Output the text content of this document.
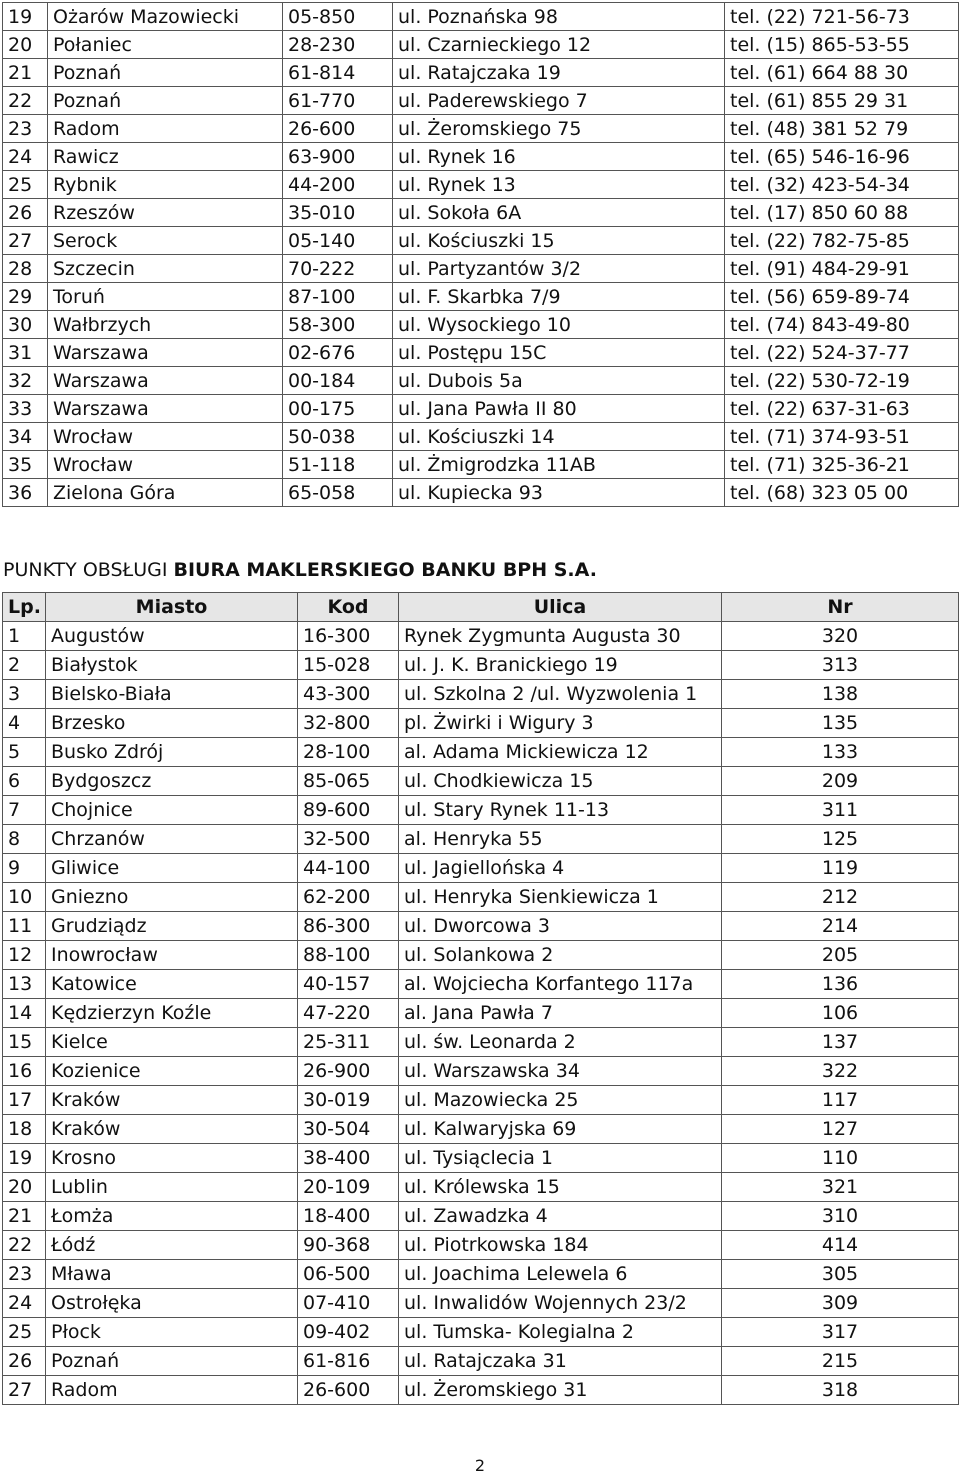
19	Ożarów Mazowiecki	05-850	ul. Poznańska 98	tel. (22) 721-56-73
20	Połaniec	28-230	ul. Czarnieckiego 12	tel. (15) 865-53-55
21	Poznań	61-814	ul. Ratajczaka 19	tel. (61) 664 88 30
22	Poznań	61-770	ul. Paderewskiego 7	tel. (61) 855 29 31
23	Radom	26-600	ul. Żeromskiego 75	tel. (48) 381 52 79
24	Rawicz	63-900	ul. Rynek 16	tel. (65) 546-16-96
25	Rybnik	44-200	ul. Rynek 13	tel. (32) 423-54-34
26	Rzeszów	35-010	ul. Sokoła 6A	tel. (17) 850 60 88
27	Serock	05-140	ul. Kościuszki 15	tel. (22) 782-75-85
28	Szczecin	70-222	ul. Partyzantów 3/2	tel. (91) 484-29-91
29	Toruń	87-100	ul. F. Skarbka 7/9	tel. (56) 659-89-74
30	Wałbrzych	58-300	ul. Wysockiego 10	tel. (74) 843-49-80
31	Warszawa	02-676	ul. Postępu 15C	tel. (22) 524-37-77
32	Warszawa	00-184	ul. Dubois 5a	tel. (22) 530-72-19
33	Warszawa	00-175	ul. Jana Pawła II 80	tel. (22) 637-31-63
34	Wrocław	50-038	ul. Kościuszki 14	tel. (71) 374-93-51
35	Wrocław	51-118	ul. Żmigrodzka 11AB	tel. (71) 325-36-21
36	Zielona Góra	65-058	ul. Kupiecka 93	tel. (68) 323 05 00
PUNKTY OBSŁUGI BIURA MAKLERSKIEGO BANKU BPH S.A.
Lp.	Miasto	Kod	Ulica	Nr
1	Augustów	16-300	Rynek Zygmunta Augusta 30	320
2	Białystok	15-028	ul. J. K. Branickiego 19	313
3	Bielsko-Biała	43-300	ul. Szkolna 2 /ul. Wyzwolenia 1	138
4	Brzesko	32-800	pl. Żwirki i Wigury 3	135
5	Busko Zdrój	28-100	al. Adama Mickiewicza 12	133
6	Bydgoszcz	85-065	ul. Chodkiewicza 15	209
7	Chojnice	89-600	ul. Stary Rynek 11-13	311
8	Chrzanów	32-500	al. Henryka 55	125
9	Gliwice	44-100	ul. Jagiellońska 4	119
10	Gniezno	62-200	ul. Henryka Sienkiewicza 1	212
11	Grudziądz	86-300	ul. Dworcowa 3	214
12	Inowrocław	88-100	ul. Solankowa 2	205
13	Katowice	40-157	al. Wojciecha Korfantego 117a	136
14	Kędzierzyn Koźle	47-220	al. Jana Pawła 7	106
15	Kielce	25-311	ul. św. Leonarda 2	137
16	Kozienice	26-900	ul. Warszawska 34	322
17	Kraków	30-019	ul. Mazowiecka 25	117
18	Kraków	30-504	ul. Kalwaryjska 69	127
19	Krosno	38-400	ul. Tysiąclecia 1	110
20	Lublin	20-109	ul. Królewska 15	321
21	Łomża	18-400	ul. Zawadzka 4	310
22	Łódź	90-368	ul. Piotrkowska 184	414
23	Mława	06-500	ul. Joachima Lelewela 6	305
24	Ostrołęka	07-410	ul. Inwalidów Wojennych 23/2	309
25	Płock	09-402	ul. Tumska- Kolegialna 2	317
26	Poznań	61-816	ul. Ratajczaka 31	215
27	Radom	26-600	ul. Żeromskiego 31	318
2
